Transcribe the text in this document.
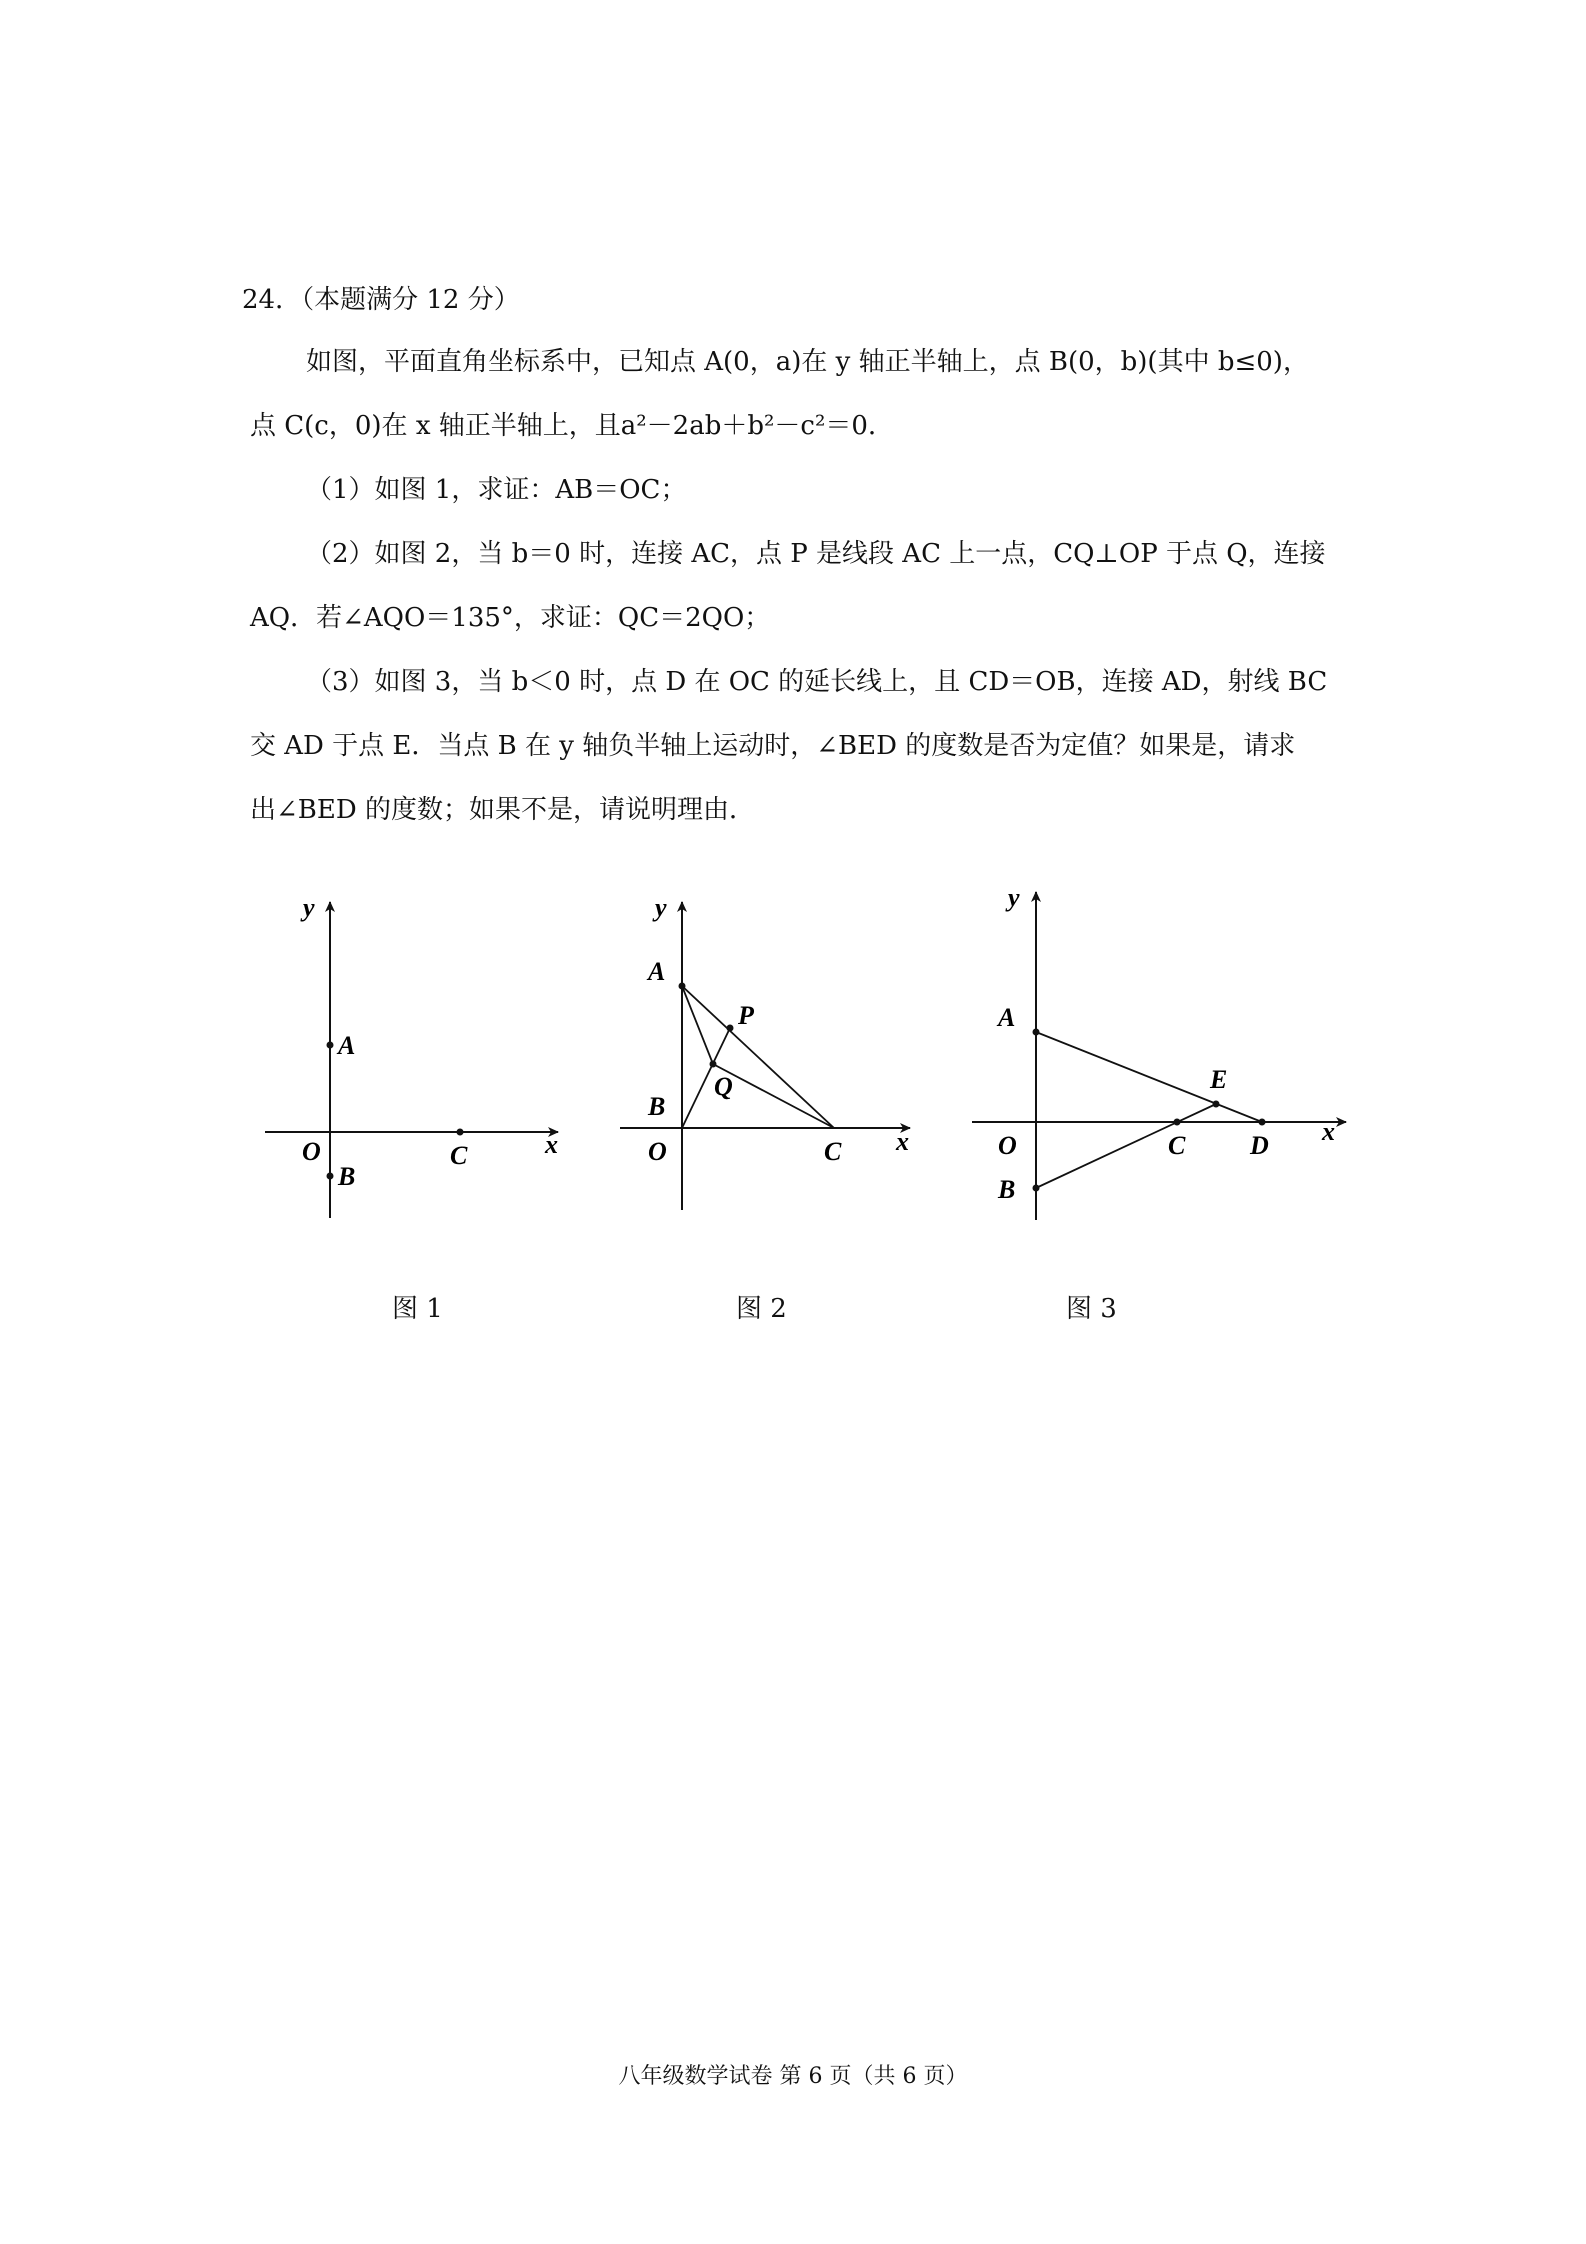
24．（本题满分 12 分）
如图，平面直角坐标系中，已知点 A(0，a)在 y 轴正半轴上，点 B(0，b)(其中 b≤0)，
点 C(c，0)在 x 轴正半轴上，且a²－2ab＋b²－c²＝0．
（1）如图 1，求证：AB＝OC；
（2）如图 2，当 b＝0 时，连接 AC，点 P 是线段 AC 上一点，CQ⊥OP 于点 Q，连接
AQ．若∠AQO＝135°，求证：QC＝2QO；
（3）如图 3，当 b＜0 时，点 D 在 OC 的延长线上，且 CD＝OB，连接 AD，射线 BC
交 AD 于点 E．当点 B 在 y 轴负半轴上运动时，∠BED 的度数是否为定值？如果是，请求
出∠BED 的度数；如果不是，请说明理由．
y
x
O
A
B
C
y
x
O
A
B
C
P
Q
y
x
O
A
B
C D
E
图 1	图 2	图 3
八年级数学试卷 第 6 页（共 6 页）
